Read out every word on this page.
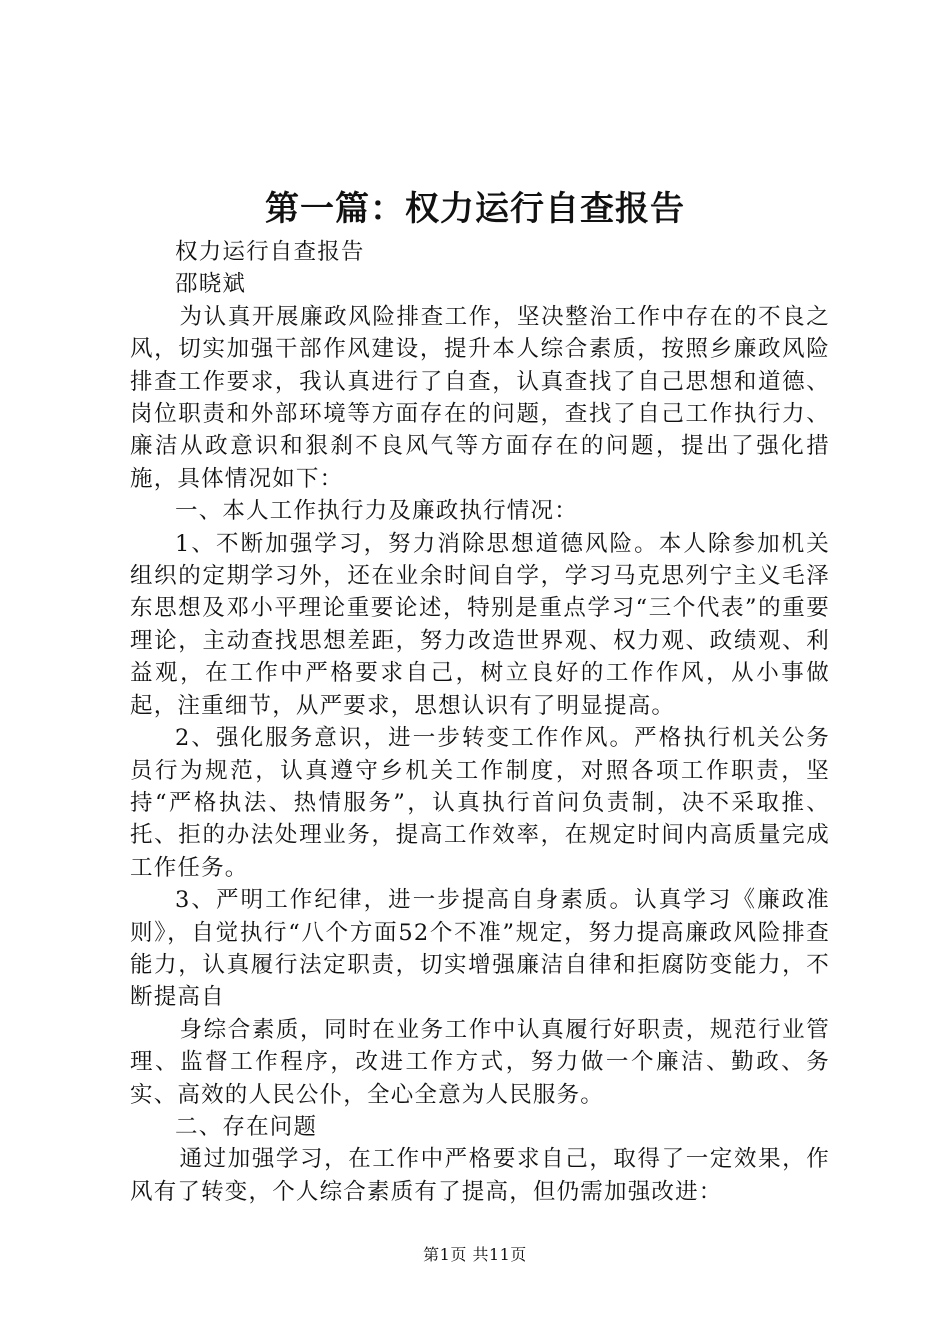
第一篇：权力运行自查报告

权力运行自查报告

邵晓斌

为认真开展廉政风险排查工作，坚决整治工作中存在的不良之风，切实加强干部作风建设，提升本人综合素质，按照乡廉政风险排查工作要求，我认真进行了自查，认真查找了自己思想和道德、岗位职责和外部环境等方面存在的问题，查找了自己工作执行力、廉洁从政意识和狠刹不良风气等方面存在的问题，提出了强化措施，具体情况如下：

一、本人工作执行力及廉政执行情况：

1、不断加强学习，努力消除思想道德风险。本人除参加机关组织的定期学习外，还在业余时间自学，学习马克思列宁主义毛泽东思想及邓小平理论重要论述，特别是重点学习“三个代表”的重要理论，主动查找思想差距，努力改造世界观、权力观、政绩观、利益观，在工作中严格要求自己，树立良好的工作作风，从小事做起，注重细节，从严要求，思想认识有了明显提高。

2、强化服务意识，进一步转变工作作风。严格执行机关公务员行为规范，认真遵守乡机关工作制度，对照各项工作职责，坚持“严格执法、热情服务”，认真执行首问负责制，决不采取推、托、拒的办法处理业务，提高工作效率，在规定时间内高质量完成工作任务。

3、严明工作纪律，进一步提高自身素质。认真学习《廉政准则》，自觉执行“八个方面52个不准”规定，努力提高廉政风险排查能力，认真履行法定职责，切实增强廉洁自律和拒腐防变能力，不断提高自

身综合素质，同时在业务工作中认真履行好职责，规范行业管理、监督工作程序，改进工作方式，努力做一个廉洁、勤政、务实、高效的人民公仆，全心全意为人民服务。

二、存在问题

通过加强学习，在工作中严格要求自己，取得了一定效果，作风有了转变，个人综合素质有了提高，但仍需加强改进：

第1页 共11页
